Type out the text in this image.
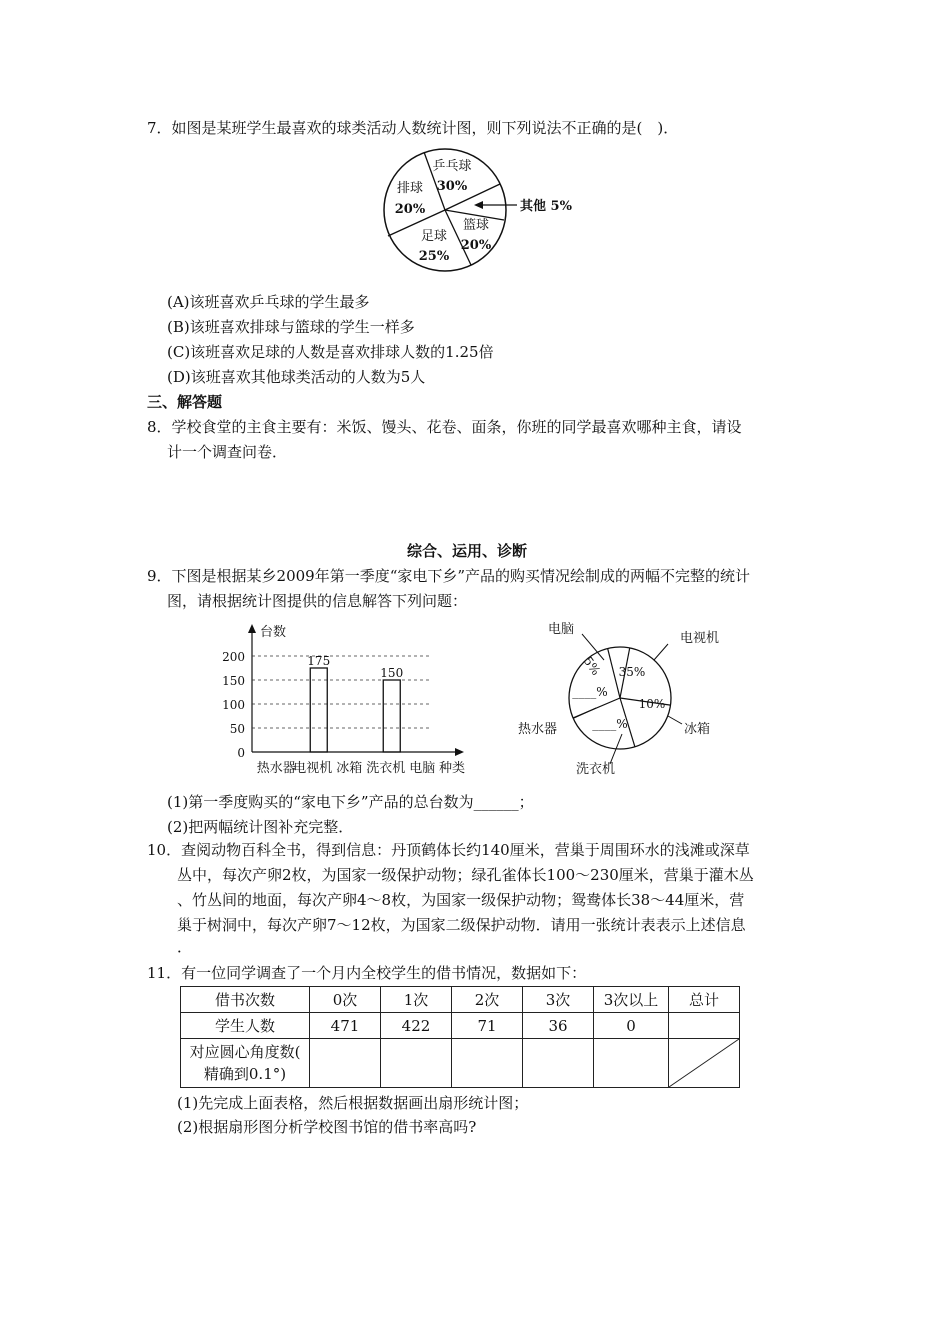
7．如图是某班学生最喜欢的球类活动人数统计图，则下列说法不正确的是(　)．
乒乓球
30%
排球
20%
篮球
20%
足球
25%
其他 5%
(A)该班喜欢乒乓球的学生最多
(B)该班喜欢排球与篮球的学生一样多
(C)该班喜欢足球的人数是喜欢排球人数的1.25倍
(D)该班喜欢其他球类活动的人数为5人
三、解答题
8．学校食堂的主食主要有：米饭、馒头、花卷、面条，你班的同学最喜欢哪种主食，请设
计一个调查问卷．
综合、运用、诊断
9．下图是根据某乡2009年第一季度“家电下乡”产品的购买情况绘制成的两幅不完整的统计
图，请根据统计图提供的信息解答下列问题：
台数
种类
0
50
100
150
200	175
150
热水器
电视机 冰箱 洗衣机 电脑
电脑
电视机
冰箱
热水器
洗衣机
35%
10%
____%
____%
5%
(1)第一季度购买的“家电下乡”产品的总台数为______；
(2)把两幅统计图补充完整．
10．查阅动物百科全书，得到信息：丹顶鹤体长约140厘米，营巢于周围环水的浅滩或深草
丛中，每次产卵2枚，为国家一级保护动物；绿孔雀体长100～230厘米，营巢于灌木丛
、竹丛间的地面，每次产卵4～8枚，为国家一级保护动物；鸳鸯体长38～44厘米，营
巢于树洞中，每次产卵7～12枚，为国家二级保护动物．请用一张统计表表示上述信息
．
11．有一位同学调查了一个月内全校学生的借书情况，数据如下：
借书次数	0次	1次	2次	3次	3次以上	总计
学生人数	471	422	71	36	0	

对应圆心角度数(
精确到0.1°)

(1)先完成上面表格，然后根据数据画出扇形统计图；
(2)根据扇形图分析学校图书馆的借书率高吗?
